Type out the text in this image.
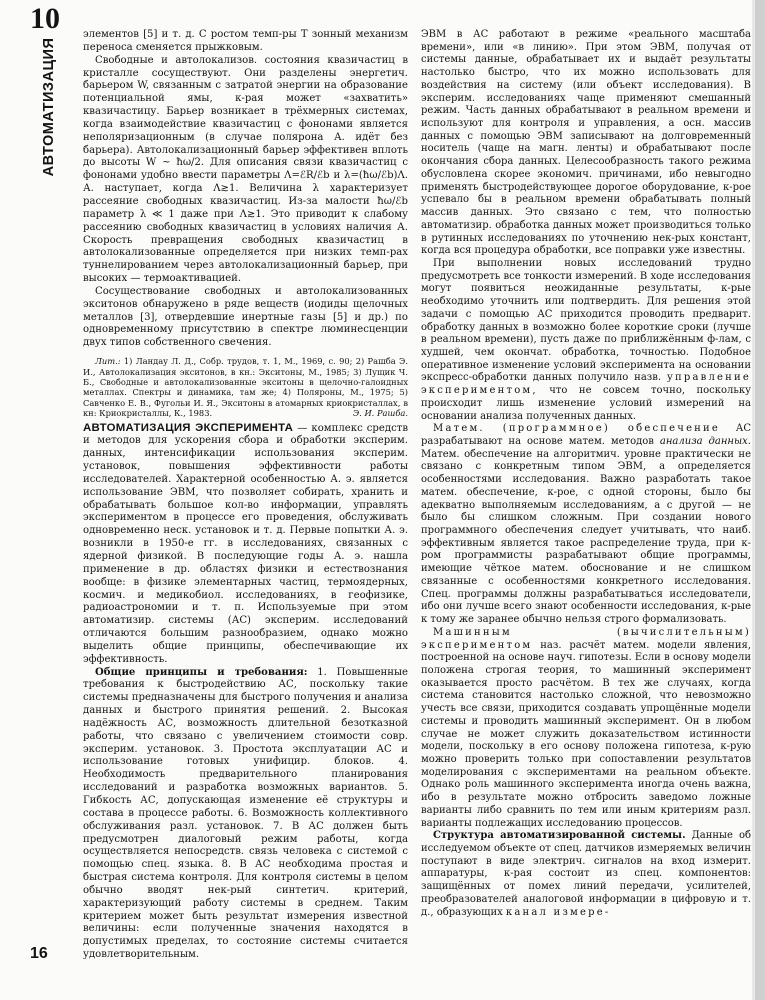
10
АВТОМАТИЗАЦИЯ
16

элементов [5] и т. д. С ростом темп-ры T зонный механизм переноса сменяется прыжковым.

Свободные и автолокализов. состояния квазичастиц в кристалле сосуществуют. Они разделены энергетич. барьером W, связанным с затратой энергии на образование потенциальной ямы, к-рая может «захватить» квазичастицу. Барьер возникает в трёхмерных системах, когда взаимодействие квазичастиц с фононами является неполяризационным (в случае полярона А. идёт без барьера). Автолокализационный барьер эффективен вплоть до высоты W ~ ħω/2. Для описания связи квазичастиц с фононами удобно ввести параметры Λ=ℰR/ℰb и λ=(ħω/ℰb)Λ. А. наступает, когда Λ≳1. Величина λ характеризует рассеяние свободных квазичастиц. Из-за малости ħω/ℰb параметр λ ≪ 1 даже при Λ≳1. Это приводит к слабому рассеянию свободных квазичастиц в условиях наличия А. Скорость превращения свободных квазичастиц в автолокализованные определяется при низких темп-рах туннелированием через автолокализационный барьер, при высоких — термоактивацией.

Сосуществование свободных и автолокализованных экситонов обнаружено в ряде веществ (иодиды щелочных металлов [3], отвердевшие инертные газы [5] и др.) по одновременному присутствию в спектре люминесценции двух типов собственного свечения.

Лит.: 1) Ландау Л. Д., Собр. трудов, т. 1, М., 1969, с. 90; 2) Рашба Э. И., Автолокализация экситонов, в кн.: Экситоны, М., 1985; 3) Лущик Ч. Б., Свободные и автолокализованные экситоны в щелочно-галоидных металлах. Спектры и динамика, там же; 4) Поляроны, М., 1975; 5) Савченко Е. В., Фугольи И. Я., Экситоны в атомарных криокристаллах, в кн: Криокристаллы, К., 1983.	Э. И. Рашба.

АВТОМАТИЗАЦИЯ ЭКСПЕРИМЕНТА — комплекс средств и методов для ускорения сбора и обработки эксперим. данных, интенсификации использования эксперим. установок, повышения эффективности работы исследователей. Характерной особенностью А. э. является использование ЭВМ, что позволяет собирать, хранить и обрабатывать большое кол-во информации, управлять экспериментом в процессе его проведения, обслуживать одновременно неск. установок и т. д. Первые попытки А. э. возникли в 1950-е гг. в исследованиях, связанных с ядерной физикой. В последующие годы А. э. нашла применение в др. областях физики и естествознания вообще: в физике элементарных частиц, термоядерных, космич. и медикобиол. исследованиях, в геофизике, радиоастрономии и т. п. Используемые при этом автоматизир. системы (АС) эксперим. исследований отличаются большим разнообразием, однако можно выделить общие принципы, обеспечивающие их эффективность.

Общие принципы и требования: 1. Повышенные требования к быстродействию АС, поскольку такие системы предназначены для быстрого получения и анализа данных и быстрого принятия решений. 2. Высокая надёжность АС, возможность длительной безотказной работы, что связано с увеличением стоимости совр. эксперим. установок. 3. Простота эксплуатации АС и использование готовых унифицир. блоков. 4. Необходимость предварительного планирования исследований и разработка возможных вариантов. 5. Гибкость АС, допускающая изменение её структуры и состава в процессе работы. 6. Возможность коллективного обслуживания разл. установок. 7. В АС должен быть предусмотрен диалоговый режим работы, когда осуществляется непосредств. связь человека с системой с помощью спец. языка. 8. В АС необходима простая и быстрая система контроля. Для контроля системы в целом обычно вводят нек-рый синтетич. критерий, характеризующий работу системы в среднем. Таким критерием может быть результат измерения известной величины: если полученные значения находятся в допустимых пределах, то состояние системы считается удовлетворительным.

ЭВМ в АС работают в режиме «реального масштаба времени», или «в линию». При этом ЭВМ, получая от системы данные, обрабатывает их и выдаёт результаты настолько быстро, что их можно использовать для воздействия на систему (или объект исследования). В эксперим. исследованиях чаще применяют смешанный режим. Часть данных обрабатывают в реальном времени и используют для контроля и управления, а осн. массив данных с помощью ЭВМ записывают на долговременный носитель (чаще на магн. ленты) и обрабатывают после окончания сбора данных. Целесообразность такого режима обусловлена скорее экономич. причинами, ибо невыгодно применять быстродействующее дорогое оборудование, к-рое успевало бы в реальном времени обрабатывать полный массив данных. Это связано с тем, что полностью автоматизир. обработка данных может производиться только в рутинных исследованиях по уточнению нек-рых констант, когда вся процедура обработки, все поправки уже известны.

При выполнении новых исследований трудно предусмотреть все тонкости измерений. В ходе исследования могут появиться неожиданные результаты, к-рые необходимо уточнить или подтвердить. Для решения этой задачи с помощью АС приходится проводить предварит. обработку данных в возможно более короткие сроки (лучше в реальном времени), пусть даже по приближённым ф-лам, с худшей, чем окончат. обработка, точностью. Подобное оперативное изменение условий эксперимента на основании экспресс-обработки данных получило назв. управление экспериментом, что не совсем точно, поскольку происходит лишь изменение условий измерений на основании анализа полученных данных.

Матем. (программное) обеспечение АС разрабатывают на основе матем. методов анализа данных. Матем. обеспечение на алгоритмич. уровне практически не связано с конкретным типом ЭВМ, а определяется особенностями исследования. Важно разработать такое матем. обеспечение, к-рое, с одной стороны, было бы адекватно выполняемым исследованиям, а с другой — не было бы слишком сложным. При создании нового программного обеспечения следует учитывать, что наиб. эффективным является такое распределение труда, при к-ром программисты разрабатывают общие программы, имеющие чёткое матем. обоснование и не слишком связанные с особенностями конкретного исследования. Спец. программы должны разрабатываться исследователи, ибо они лучше всего знают особенности исследования, к-рые к тому же заранее обычно нельзя строго формализовать.

Машинным (вычислительным) экспериментом наз. расчёт матем. модели явления, построенной на основе науч. гипотезы. Если в основу модели положена строгая теория, то машинный эксперимент оказывается просто расчётом. В тех же случаях, когда система становится настолько сложной, что невозможно учесть все связи, приходится создавать упрощённые модели системы и проводить машинный эксперимент. Он в любом случае не может служить доказательством истинности модели, поскольку в его основу положена гипотеза, к-рую можно проверить только при сопоставлении результатов моделирования с экспериментами на реальном объекте. Однако роль машинного эксперимента иногда очень важна, ибо в результате можно отбросить заведомо ложные варианты либо сравнить по тем или иным критериям разл. варианты подлежащих исследованию процессов.

Структура автоматизированной системы. Данные об исследуемом объекте от спец. датчиков измеряемых величин поступают в виде электрич. сигналов на вход измерит. аппаратуры, к-рая состоит из спец. компонентов: защищённых от помех линий передачи, усилителей, преобразователей аналоговой информации в цифровую и т. д., образующих канал измере-
